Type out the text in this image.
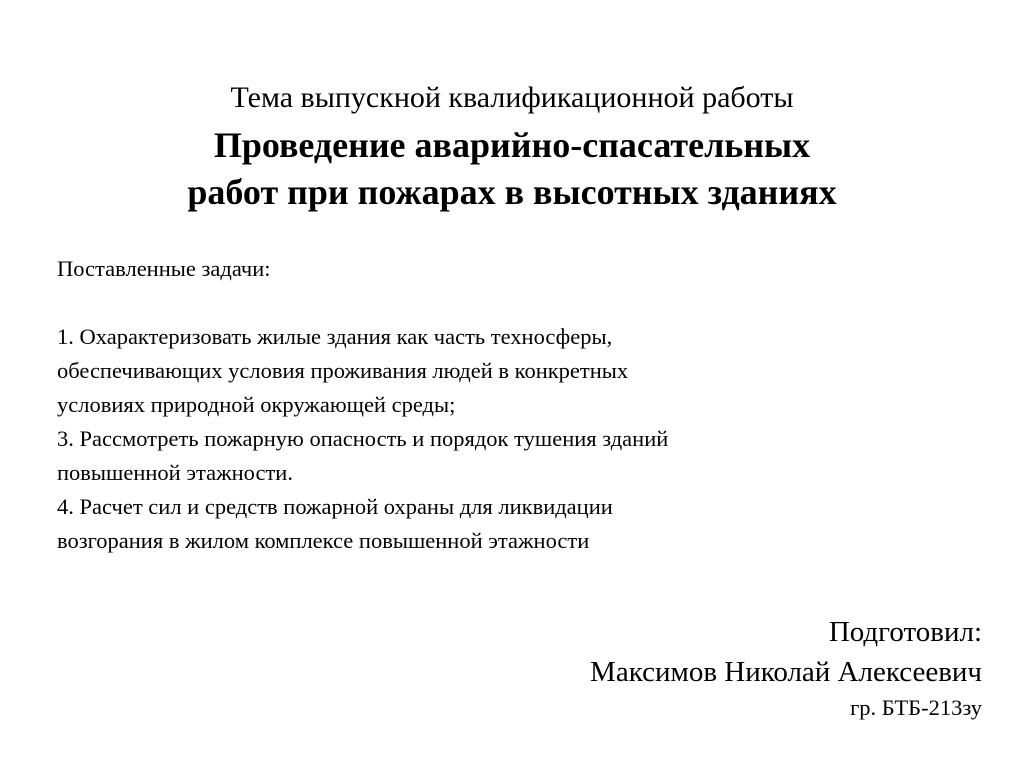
Тема выпускной квалификационной работы
Проведение аварийно-спасательных
работ при пожарах в высотных зданиях
Поставленные задачи:
1. Охарактеризовать жилые здания как часть техносферы,
обеспечивающих условия проживания людей в конкретных
условиях природной окружающей среды;
3. Рассмотреть пожарную опасность и порядок тушения зданий
повышенной этажности.
4. Расчет сил и средств пожарной охраны для ликвидации
возгорания в жилом комплексе повышенной этажности
Подготовил:
Максимов Николай Алексеевич
гр. БТБ-213зу
